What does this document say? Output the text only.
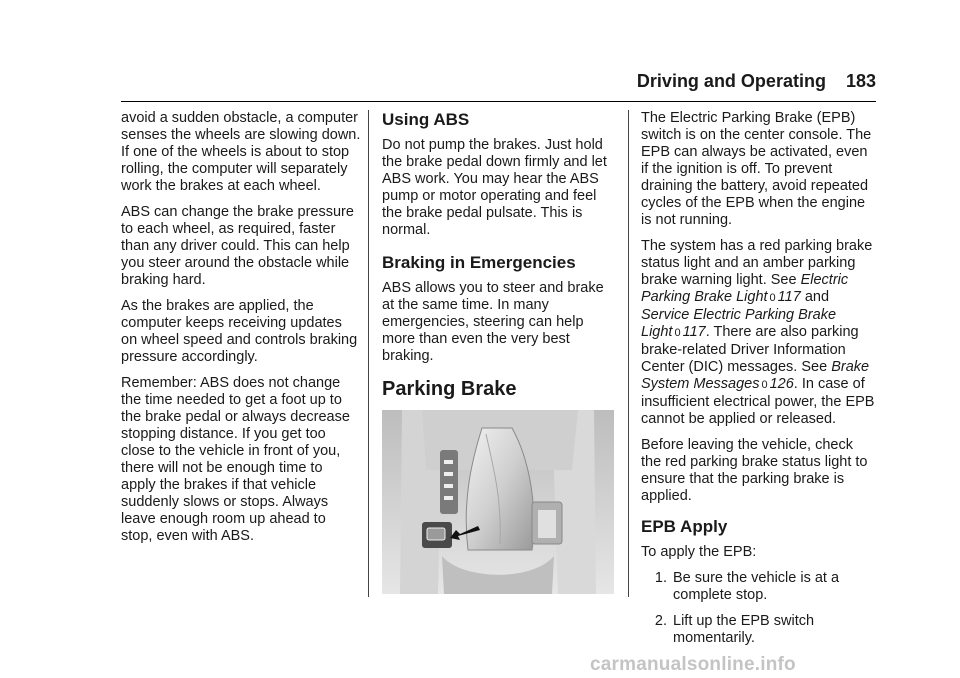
Driving and Operating 183

avoid a sudden obstacle, a computer senses the wheels are slowing down. If one of the wheels is about to stop rolling, the computer will separately work the brakes at each wheel.

ABS can change the brake pressure to each wheel, as required, faster than any driver could. This can help you steer around the obstacle while braking hard.

As the brakes are applied, the computer keeps receiving updates on wheel speed and controls braking pressure accordingly.

Remember: ABS does not change the time needed to get a foot up to the brake pedal or always decrease stopping distance. If you get too close to the vehicle in front of you, there will not be enough time to apply the brakes if that vehicle suddenly slows or stops. Always leave enough room up ahead to stop, even with ABS.

Using ABS

Do not pump the brakes. Just hold the brake pedal down firmly and let ABS work. You may hear the ABS pump or motor operating and feel the brake pedal pulsate. This is normal.

Braking in Emergencies

ABS allows you to steer and brake at the same time. In many emergencies, steering can help more than even the very best braking.

Parking Brake

The Electric Parking Brake (EPB) switch is on the center console. The EPB can always be activated, even if the ignition is off. To prevent draining the battery, avoid repeated cycles of the EPB when the engine is not running.

The system has a red parking brake status light and an amber parking brake warning light. See Electric Parking Brake Light 0 117 and Service Electric Parking Brake Light 0 117. There are also parking brake-related Driver Information Center (DIC) messages. See Brake System Messages 0 126. In case of insufficient electrical power, the EPB cannot be applied or released.

Before leaving the vehicle, check the red parking brake status light to ensure that the parking brake is applied.

EPB Apply

To apply the EPB:

1. Be sure the vehicle is at a complete stop.
2. Lift up the EPB switch momentarily.
carmanualsonline.info
